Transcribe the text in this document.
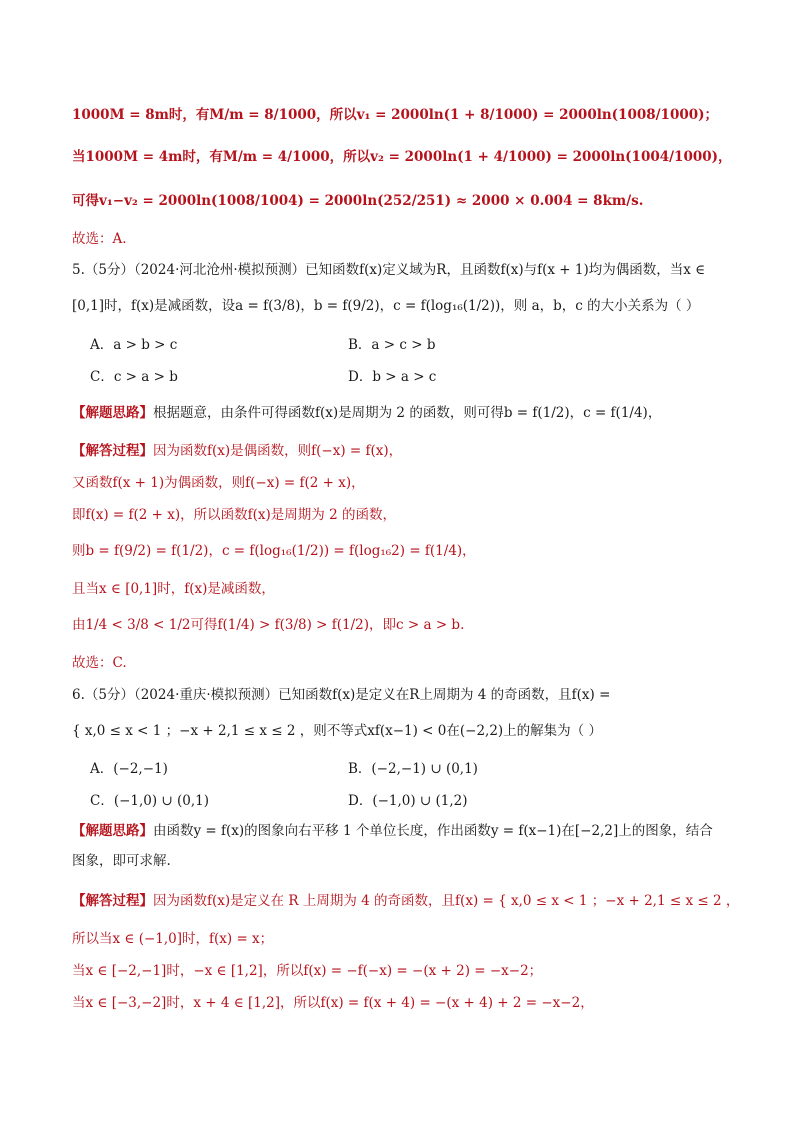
1000M = 8m时，有M/m = 8/1000，所以v₁ = 2000ln(1 + 8/1000) = 2000ln(1008/1000)；
当1000M = 4m时，有M/m = 4/1000，所以v₂ = 2000ln(1 + 4/1000) = 2000ln(1004/1000)，
可得v₁−v₂ = 2000ln(1008/1004) = 2000ln(252/251) ≈ 2000 × 0.004 = 8km/s.
故选：A.
5.（5分）（2024·河北沧州·模拟预测）已知函数f(x)定义域为R，且函数f(x)与f(x + 1)均为偶函数，当x ∈
[0,1]时，f(x)是减函数，设a = f(3/8)，b = f(9/2)，c = f(log₁₆(1/2))，则 a，b，c 的大小关系为（ ）
A．a > b > c	B．a > c > b
C．c > a > b	D．b > a > c
【解题思路】根据题意，由条件可得函数f(x)是周期为 2 的函数，则可得b = f(1/2)，c = f(1/4)，
【解答过程】因为函数f(x)是偶函数，则f(−x) = f(x)，
又函数f(x + 1)为偶函数，则f(−x) = f(2 + x)，
即f(x) = f(2 + x)，所以函数f(x)是周期为 2 的函数，
则b = f(9/2) = f(1/2)，c = f(log₁₆(1/2)) = f(log₁₆2) = f(1/4)，
且当x ∈ [0,1]时，f(x)是减函数，
由1/4 < 3/8 < 1/2可得f(1/4) > f(3/8) > f(1/2)，即c > a > b.
故选：C.
6.（5分）（2024·重庆·模拟预测）已知函数f(x)是定义在R上周期为 4 的奇函数，且f(x) =
{ x,0 ≤ x < 1 ；−x + 2,1 ≤ x ≤ 2 ，则不等式xf(x−1) < 0在(−2,2)上的解集为（ ）
A．(−2,−1)	B．(−2,−1) ∪ (0,1)
C．(−1,0) ∪ (0,1)	D．(−1,0) ∪ (1,2)
【解题思路】由函数y = f(x)的图象向右平移 1 个单位长度，作出函数y = f(x−1)在[−2,2]上的图象，结合
图象，即可求解.
【解答过程】因为函数f(x)是定义在 R 上周期为 4 的奇函数，且f(x) = { x,0 ≤ x < 1 ；−x + 2,1 ≤ x ≤ 2 ，
所以当x ∈ (−1,0]时，f(x) = x；
当x ∈ [−2,−1]时，−x ∈ [1,2]，所以f(x) = −f(−x) = −(x + 2) = −x−2；
当x ∈ [−3,−2]时，x + 4 ∈ [1,2]，所以f(x) = f(x + 4) = −(x + 4) + 2 = −x−2，
